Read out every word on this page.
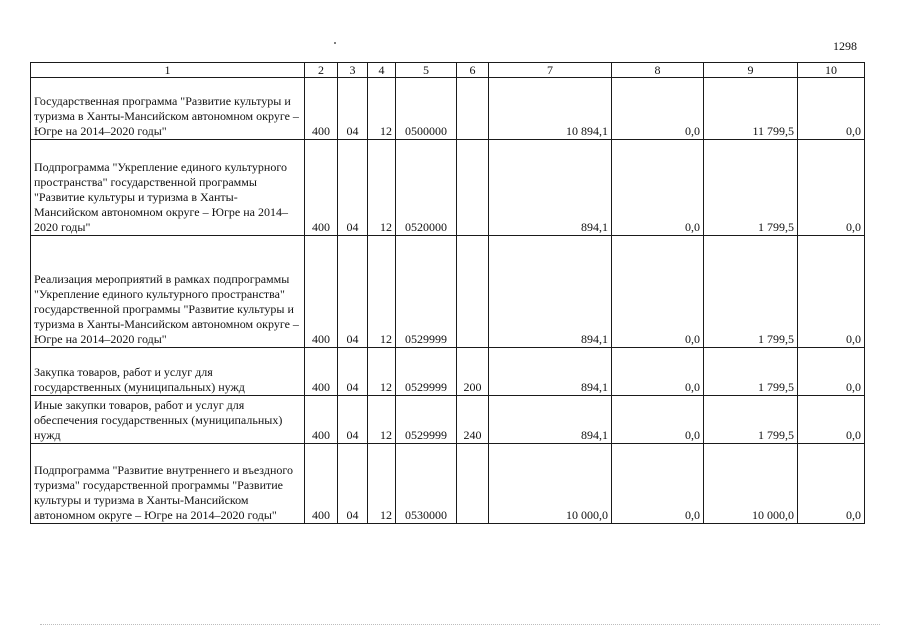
1298
1	2	3	4	5	6	7	8	9	10
Государственная программа "Развитие культуры и туризма в Ханты-Мансийском автономном округе – Югре на 2014–2020 годы"	400	04	12	0500000		10 894,1	0,0	11 799,5	0,0
Подпрограмма "Укрепление единого культурного пространства" государственной программы "Развитие культуры и туризма в Ханты-Мансийском автономном округе – Югре на 2014–2020 годы"	400	04	12	0520000		894,1	0,0	1 799,5	0,0
Реализация мероприятий в рамках подпрограммы "Укрепление единого культурного пространства" государственной программы "Развитие культуры и туризма в Ханты-Мансийском автономном округе – Югре на 2014–2020 годы"	400	04	12	0529999		894,1	0,0	1 799,5	0,0
Закупка товаров, работ и услуг для государственных (муниципальных) нужд	400	04	12	0529999	200	894,1	0,0	1 799,5	0,0
Иные закупки товаров, работ и услуг для обеспечения государственных (муниципальных) нужд	400	04	12	0529999	240	894,1	0,0	1 799,5	0,0
Подпрограмма "Развитие внутреннего и въездного туризма" государственной программы "Развитие культуры и туризма в Ханты-Мансийском автономном округе – Югре на 2014–2020 годы"	400	04	12	0530000		10 000,0	0,0	10 000,0	0,0
